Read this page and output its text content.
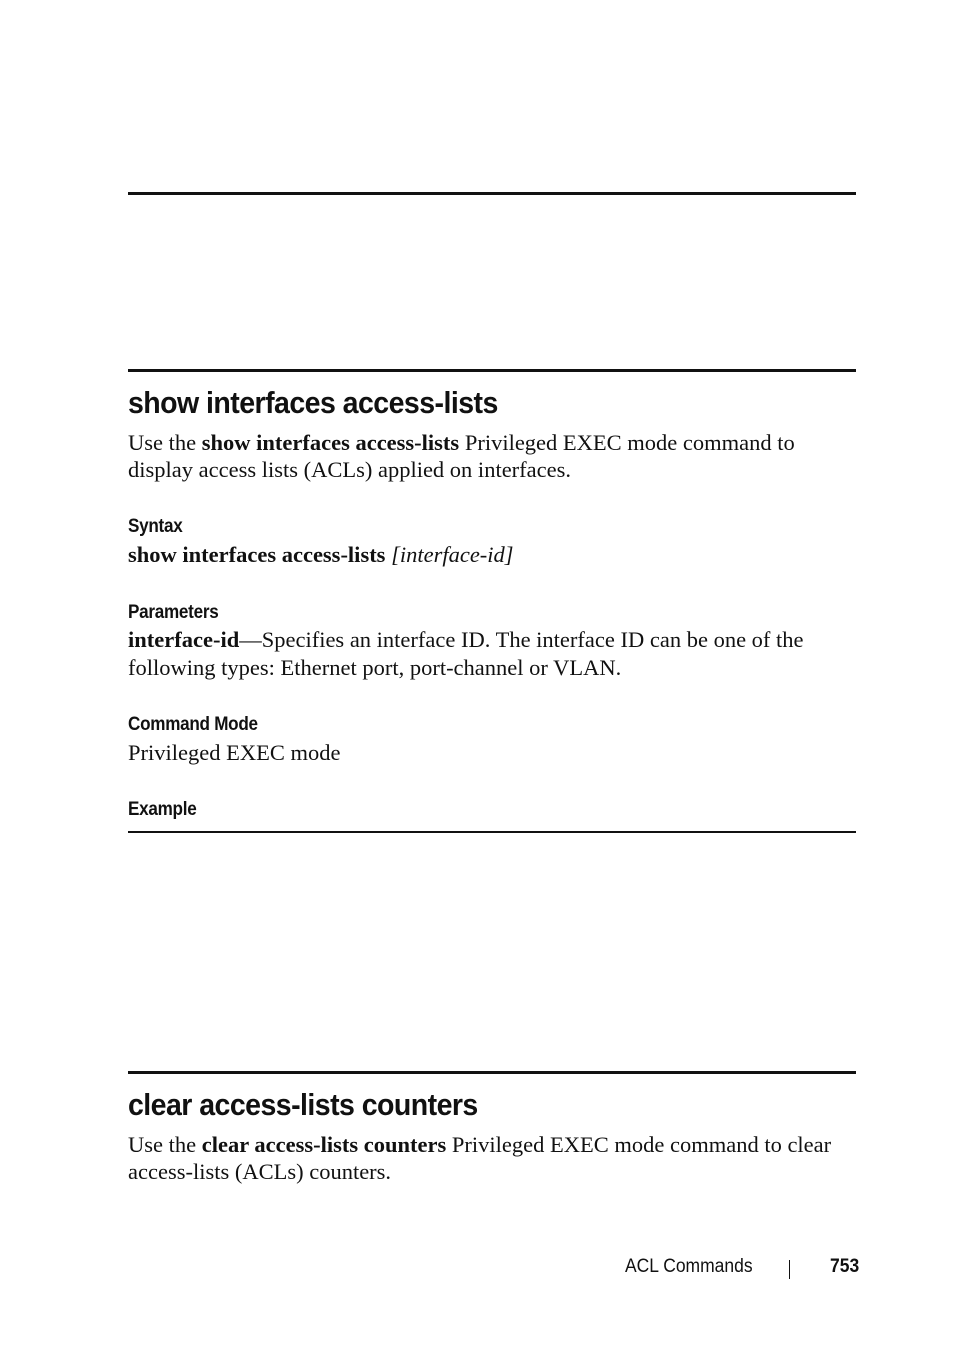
show interfaces access-lists

Use the show interfaces access-lists Privileged EXEC mode command to

display access lists (ACLs) applied on interfaces.

Syntax

show interfaces access-lists [interface-id]

Parameters

interface-id—Specifies an interface ID. The interface ID can be one of the

following types: Ethernet port, port-channel or VLAN.

Command Mode

Privileged EXEC mode

Example
clear access-lists counters

Use the clear access-lists counters Privileged EXEC mode command to clear

access-lists (ACLs) counters.

ACL Commands	753
